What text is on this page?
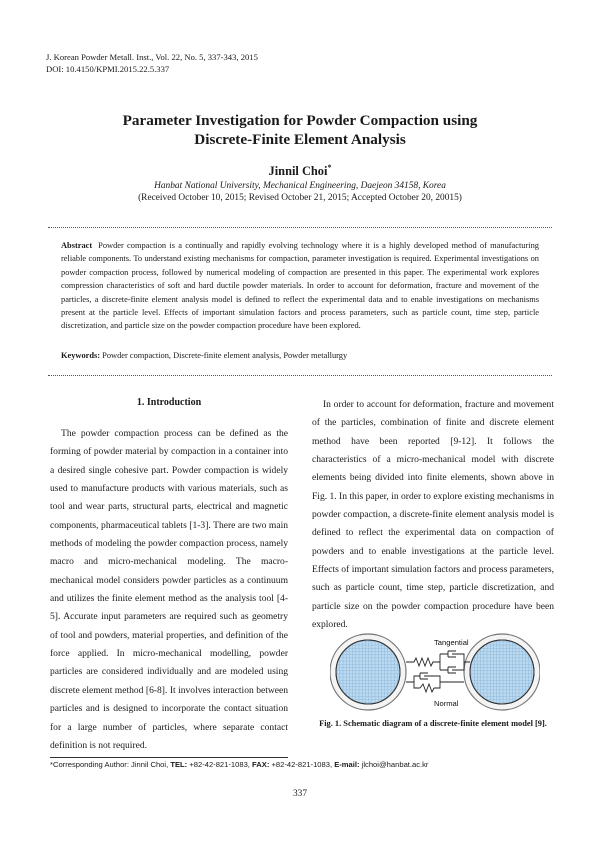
J. Korean Powder Metall. Inst., Vol. 22, No. 5, 337-343, 2015
DOI: 10.4150/KPMI.2015.22.5.337
Parameter Investigation for Powder Compaction using
Discrete-Finite Element Analysis
Jinnil Choi*
Hanbat National University, Mechanical Engineering, Daejeon 34158, Korea
(Received October 10, 2015; Revised October 21, 2015; Accepted October 20, 20015)
Abstract Powder compaction is a continually and rapidly evolving technology where it is a highly developed method of manufacturing reliable components. To understand existing mechanisms for compaction, parameter investigation is required. Experimental investigations on powder compaction process, followed by numerical modeling of compaction are presented in this paper. The experimental work explores compression characteristics of soft and hard ductile powder materials. In order to account for deformation, fracture and movement of the particles, a discrete-finite element analysis model is defined to reflect the experimental data and to enable investigations on mechanisms present at the particle level. Effects of important simulation factors and process parameters, such as particle count, time step, particle discretization, and particle size on the powder compaction procedure have been explored.
Keywords: Powder compaction, Discrete-finite element analysis, Powder metallurgy
1. Introduction

The powder compaction process can be defined as the forming of powder material by compaction in a container into a desired single cohesive part. Powder compaction is widely used to manufacture products with various materials, such as tool and wear parts, structural parts, electrical and magnetic components, pharmaceutical tablets [1-3]. There are two main methods of modeling the powder compaction process, namely macro and micro-mechanical modeling. The macro-mechanical model considers powder particles as a continuum and utilizes the finite element method as the analysis tool [4-5]. Accurate input parameters are required such as geometry of tool and powders, material properties, and definition of the force applied. In micro-mechanical modelling, powder particles are considered individually and are modeled using discrete element method [6-8]. It involves interaction between particles and is designed to incorporate the contact situation for a large number of particles, where separate contact definition is not required.

In order to account for deformation, fracture and movement of the particles, combination of finite and discrete element method have been reported [9-12]. It follows the characteristics of a micro-mechanical model with discrete elements being divided into finite elements, shown above in Fig. 1. In this paper, in order to explore existing mechanisms in powder compaction, a discrete-finite element analysis model is defined to reflect the experimental data on compaction of powders and to enable investigations at the particle level. Effects of important simulation factors and process parameters, such as particle count, time step, particle discretization, and particle size on the powder compaction procedure have been explored.

Tangential
Normal
Fig. 1. Schematic diagram of a discrete-finite element model [9].
*Corresponding Author: Jinnil Choi, TEL: +82-42-821-1083, FAX: +82-42-821-1083, E-mail: jlchoi@hanbat.ac.kr
337
